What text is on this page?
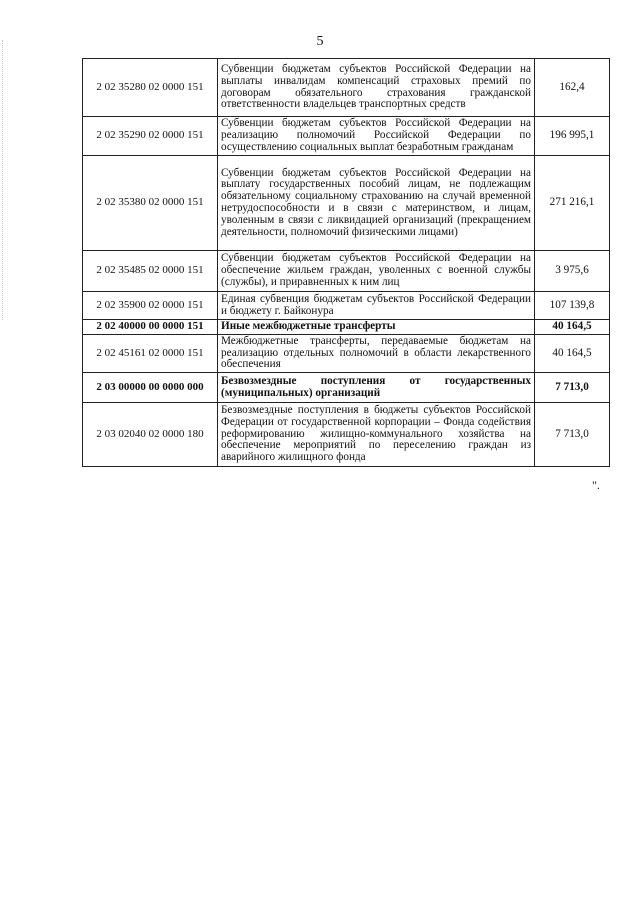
5
2 02 35280 02 0000 151	Субвенции бюджетам субъектов Российской Федерации на выплаты инвалидам компенсаций страховых премий по договорам обязательного страхования гражданской ответственности владельцев транспортных средств	162,4
2 02 35290 02 0000 151	Субвенции бюджетам субъектов Российской Федерации на реализацию полномочий Российской Федерации по осуществлению социальных выплат безработным гражданам	196 995,1
2 02 35380 02 0000 151	Субвенции бюджетам субъектов Российской Федерации на выплату государственных пособий лицам, не подлежащим обязательному социальному страхованию на случай временной нетрудоспособности и в связи с материнством, и лицам, уволенным в связи с ликвидацией организаций (прекращением деятельности, полномочий физическими лицами)	271 216,1
2 02 35485 02 0000 151	Субвенции бюджетам субъектов Российской Федерации на обеспечение жильем граждан, уволенных с военной службы (службы), и приравненных к ним лиц	3 975,6
2 02 35900 02 0000 151	Единая субвенция бюджетам субъектов Российской Федерации и бюджету г. Байконура	107 139,8
2 02 40000 00 0000 151	Иные межбюджетные трансферты	40 164,5
2 02 45161 02 0000 151	Межбюджетные трансферты, передаваемые бюджетам на реализацию отдельных полномочий в области лекарственного обеспечения	40 164,5
2 03 00000 00 0000 000	Безвозмездные поступления от государственных (муниципальных) организаций	7 713,0
2 03 02040 02 0000 180	Безвозмездные поступления в бюджеты субъектов Российской Федерации от государственной корпорации – Фонда содействия реформированию жилищно-коммунального хозяйства на обеспечение мероприятий по переселению граждан из аварийного жилищного фонда	7 713,0
".
